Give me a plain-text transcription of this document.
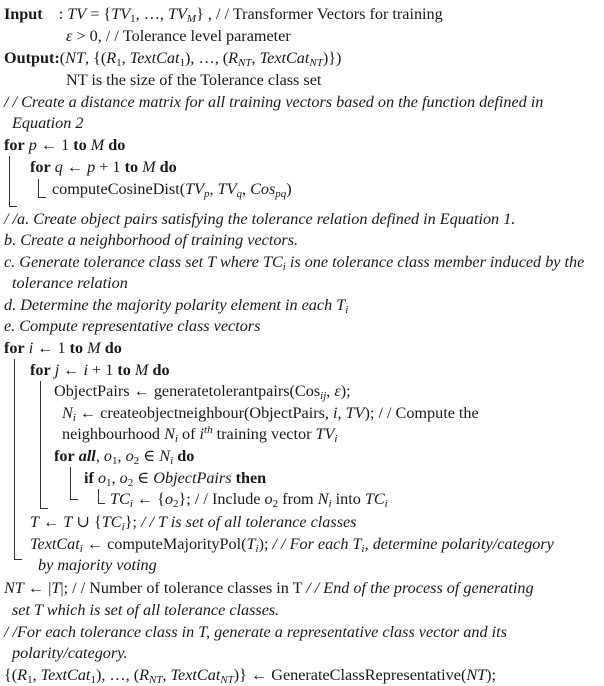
Input : TV = {$TV_1$, …, $TV_M$} , / / Transformer Vectors for training
ε > 0, / / Tolerance level parameter
Output:(NT, {($R_1$, TextCat$_1$), …, ($R_{NT}$, TextCat$_{NT}$)})
NT is the size of the Tolerance class set
/ / Create a distance matrix for all training vectors based on the function defined in
Equation 2
for p ← 1 to M do
for q ← p + 1 to M do
$computeCosineDist(TV_p$, $TV_q$, Cos$_{pq}$)
/ /a. Create object pairs satisfying the tolerance relation defined in Equation 1.
b. Create a neighborhood of training vectors.
c. Generate tolerance class set T where $TC_i$ is one tolerance class member induced by the
tolerance relation
d. Determine the majority polarity element in each $T_i$
e. Compute representative class vectors
for i ← 1 to M do
for j ← i + 1 to M do
ObjectPairs ← generatetolerantpairs(Cos$_{ij}$, ε);
$N_i$ ← createobjectneighbour(ObjectPairs, i, TV); / / Compute the
neighbourhood $N_i$ of $i^{th}$ training vector $TV_i$
for all, $o_1$, $o_2$ ∈ $N_i$ do
if $o_1$, $o_2$ ∈ ObjectPairs then
$TC_i$ ← $\{o_2\}$; / / Include $o_2$ from $N_i$ into $TC_i$
T ← T ∪ $\{TC_i\}$; / / T is set of all tolerance classes
TextCat$_i$ ← $computeMajorityPol(T_i)$; / / For each $T_i$, determine polarity/category
by majority voting
NT ← |T|; / / Number of tolerance classes in T / / End of the process of generating
set T which is set of all tolerance classes.
/ /For each tolerance class in T, generate a representative class vector and its
polarity/category.
{($R_1$, TextCat$_1$), …, ($R_{NT}$, TextCat$_{NT}$)} ← GenerateClassRepresentative(NT);
